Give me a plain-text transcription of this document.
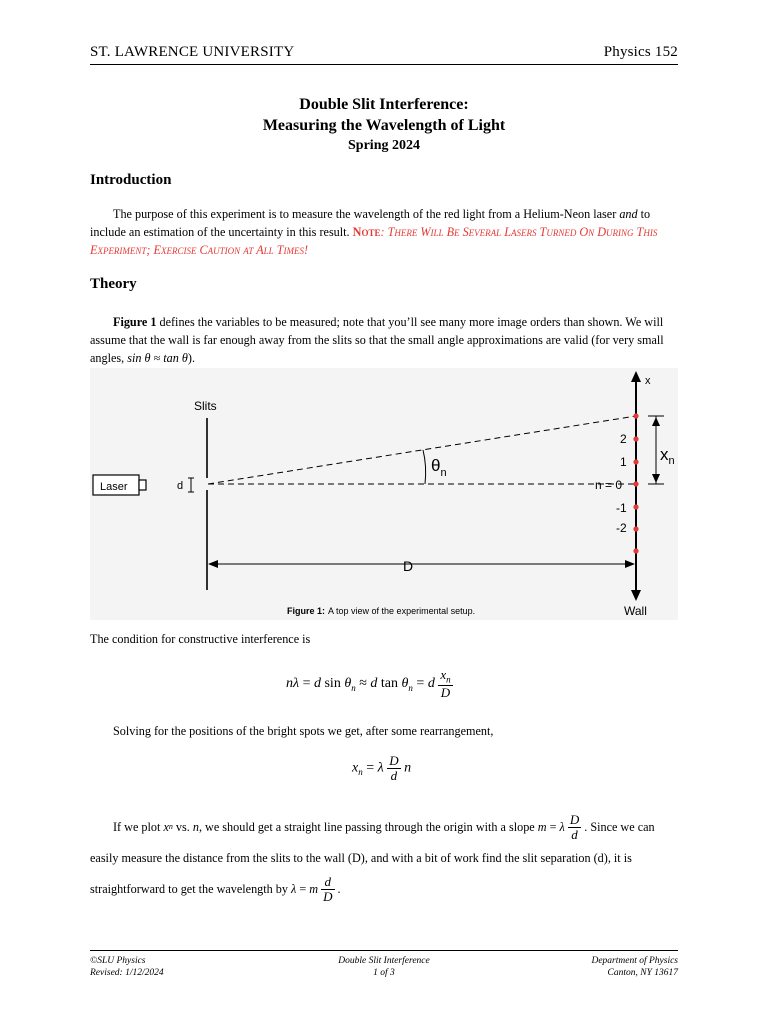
ST. LAWRENCE UNIVERSITY	Physics 152
Double Slit Interference:
Measuring the Wavelength of Light
Spring 2024
Introduction
The purpose of this experiment is to measure the wavelength of the red light from a Helium-Neon laser and to include an estimation of the uncertainty in this result. Note: There Will Be Several Lasers Turned On During This Experiment; Exercise Caution at All Times!
Theory
Figure 1 defines the variables to be measured; note that you’ll see many more image orders than shown. We will assume that the wall is far enough away from the slits so that the small angle approximations are valid (for very small angles, sin θ ≈ tan θ).
Laser
Slits
d
$\theta_n$
x
Wall
2
1
n = 0
-1
-2
$x_n$
D
Figure 1: A top view of the experimental setup.
The condition for constructive interference is
nλ = d $\sin \theta_n \approx d$ $\tan \theta_n = d \frac{x_n}{D}$
Solving for the positions of the bright spots we get, after some rearrangement,
$x_n = \lambda \frac{D}{d}$ n
If we plot
x n
vs.
n , we should get a straight line passing through the origin with a slope
m = λ $\frac{D}{d}$ . Since we can
easily measure the distance from the slits to the wall (D), and with a bit of work find the slit separation (d), it is
straightforward to get the wavelength by
λ = m $\frac{d}{D}$ .
©SLU Physics
Revised: 1/12/2024
Double Slit Interference
1 of 3
Department of Physics
Canton, NY 13617
